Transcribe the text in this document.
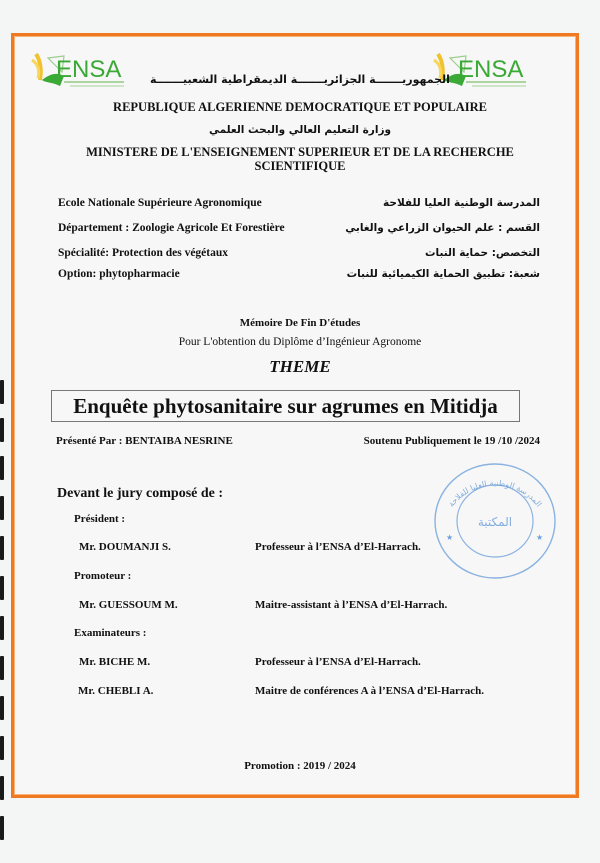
ENSA	ENSA
الجمهوريـــــــة الجزائريـــــــة الديمقراطية الشعبيـــــــة
REPUBLIQUE ALGERIENNE DEMOCRATIQUE ET POPULAIRE
وزارة التعليم العالي والبحث العلمي
MINISTERE DE L'ENSEIGNEMENT SUPERIEUR ET DE LA RECHERCHE
SCIENTIFIQUE
Ecole Nationale Supérieure Agronomique	المدرسة الوطنية العليا للفلاحة
Département : Zoologie Agricole Et Forestière	القسم : علم الحيوان الزراعي والغابي
Spécialité: Protection des végétaux	التخصص: حماية النبات
Option: phytopharmacie	شعبة: تطبيق الحماية الكيميائية للنبات
Mémoire De Fin D'études
Pour L'obtention du Diplôme d’Ingénieur Agronome
THEME
Enquête phytosanitaire sur agrumes en Mitidja
Présenté Par : BENTAIBA NESRINE	Soutenu Publiquement le 19 /10 /2024
Devant le jury composé de :
Président :
Mr. DOUMANJI S.	Professeur à l’ENSA d’El-Harrach.
Promoteur :
Mr. GUESSOUM M.	Maitre-assistant à l’ENSA d’El-Harrach.
Examinateurs :
Mr. BICHE M.	Professeur à l’ENSA d’El-Harrach.
Mr. CHEBLI A.	Maitre de conférences A à l’ENSA d’El-Harrach.
المدرسة الوطنية العليا للفلاحة
المكتبة
★	★
Promotion : 2019 / 2024
